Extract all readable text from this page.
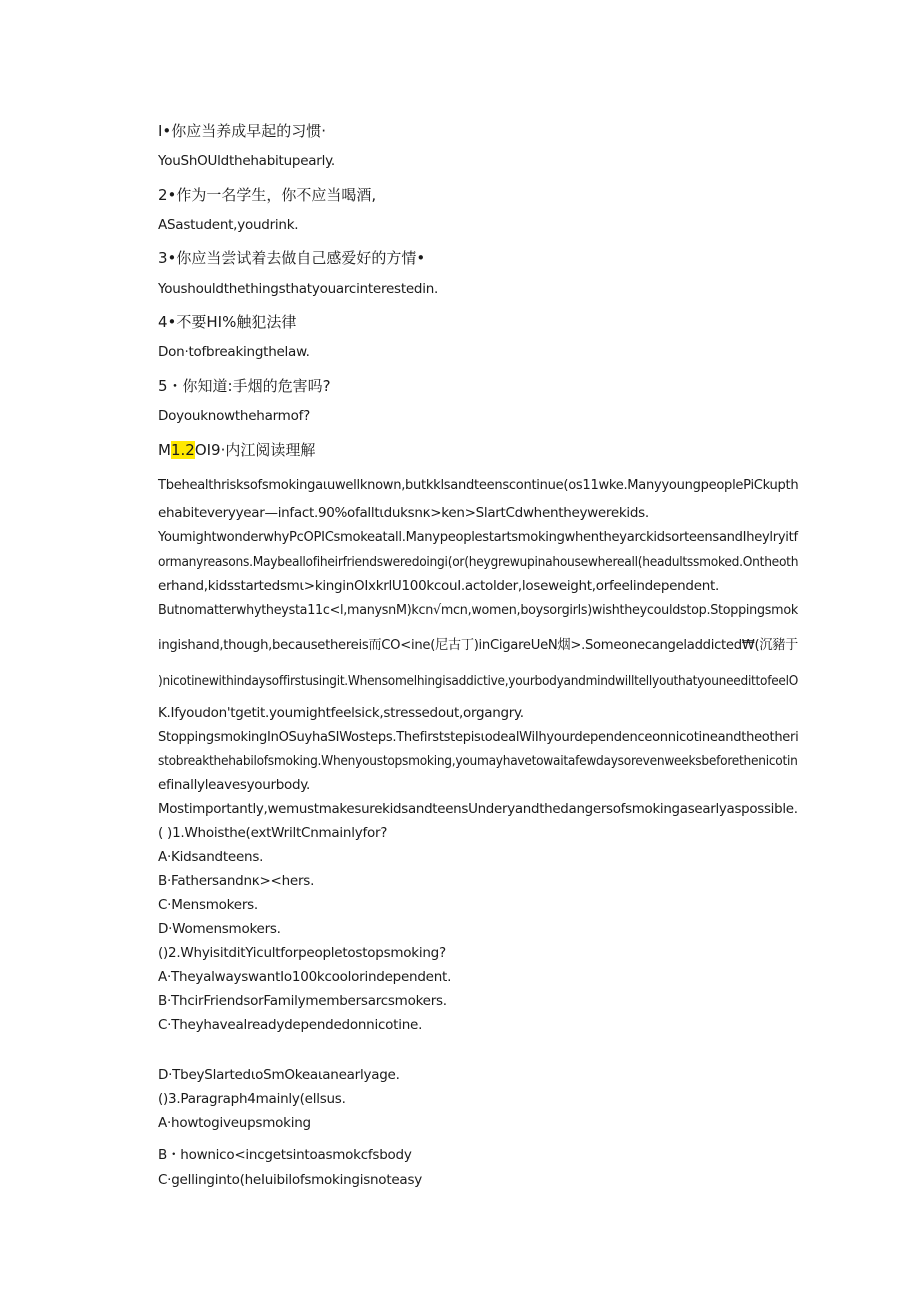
I•你应当养成早起的习惯·
YouShOUldthehabitupearly.
2•作为一名学生，你不应当喝酒,
ASastudent,youdrink.
3•你应当尝试着去做自己感爱好的方情•
Youshouldthethingsthatyouarcinterestedin.
4•不要HI%触犯法律
Don·tofbreakingthelaw.
5・你知道:手烟的危害吗?
Doyouknowtheharmof?
M1.2OI9·内江阅读理解
Tbehealthrisksofsmokingaιuwellknown,butkklsandteenscontinue(os11wke.ManyyoungpeoplePiCkupth
ehabiteveryyear—infact.90%ofalltιduksnκ>ken>SlartCdwhentheywerekids.
YoumightwonderwhyPcOPICsmokeatall.ManypeoplestartsmokingwhentheyarckidsorteensandIheylryitf
ormanyreasons.Maybeallofiheirfriendsweredoingi(or(heygrewupinahousewhereall(headultssmoked.Ontheoth
erhand,kidsstartedsmι>kinginOIxkrlU100kcouI.actolder,loseweight,orfeelindependent.
Butnomatterwhytheysta11c<l,manysnM)kcn√mcn,women,boysorgirls)wishtheycouldstop.Stoppingsmok
ingishand,though,becausethereis而CO<ine(尼古丁)inCigareUeN烟>.Someonecangeladdicted₩(沉豬于
)nicotinewithindaysoffirstusingit.Whensomelhingisaddictive,yourbodyandmindwilltellyouthatyouneedittofeelO
K.Ifyoudon'tgetit.youmightfeelsick,stressedout,organgry.
StoppingsmokingInOSuyhaSIWosteps.ThefirststepisιodealWiIhyourdependenceonnicotineandtheotheri
stobreakthehabilofsmoking.Whenyoustopsmoking,youmayhavetowaitafewdaysorevenweeksbeforethenicotin
efinallyleavesyourbody.
Mostimportantly,wemustmakesurekidsandteensUnderyandthedangersofsmokingasearlyaspossible.
( )1.Whoisthe(extWriltCnmainlyfor?
A·Kidsandteens.
B·Fathersandnκ><hers.
C·Mensmokers.
D·Womensmokers.
()2.WhyisitditYicultforpeopletostopsmoking?
A·TheyalwayswantIo100kcoolorindependent.
B·ThcirFriendsorFamilymembersarcsmokers.
C·Theyhavealreadydependedonnicotine.
D·TbeySlartedιoSmOkeaιanearlyage.
()3.Paragraph4mainly(ellsus.
A·howtogiveupsmoking
B・hownico<incgetsintoasmokcfsbody
C·gellinginto(heIuibilofsmokingisnoteasy
